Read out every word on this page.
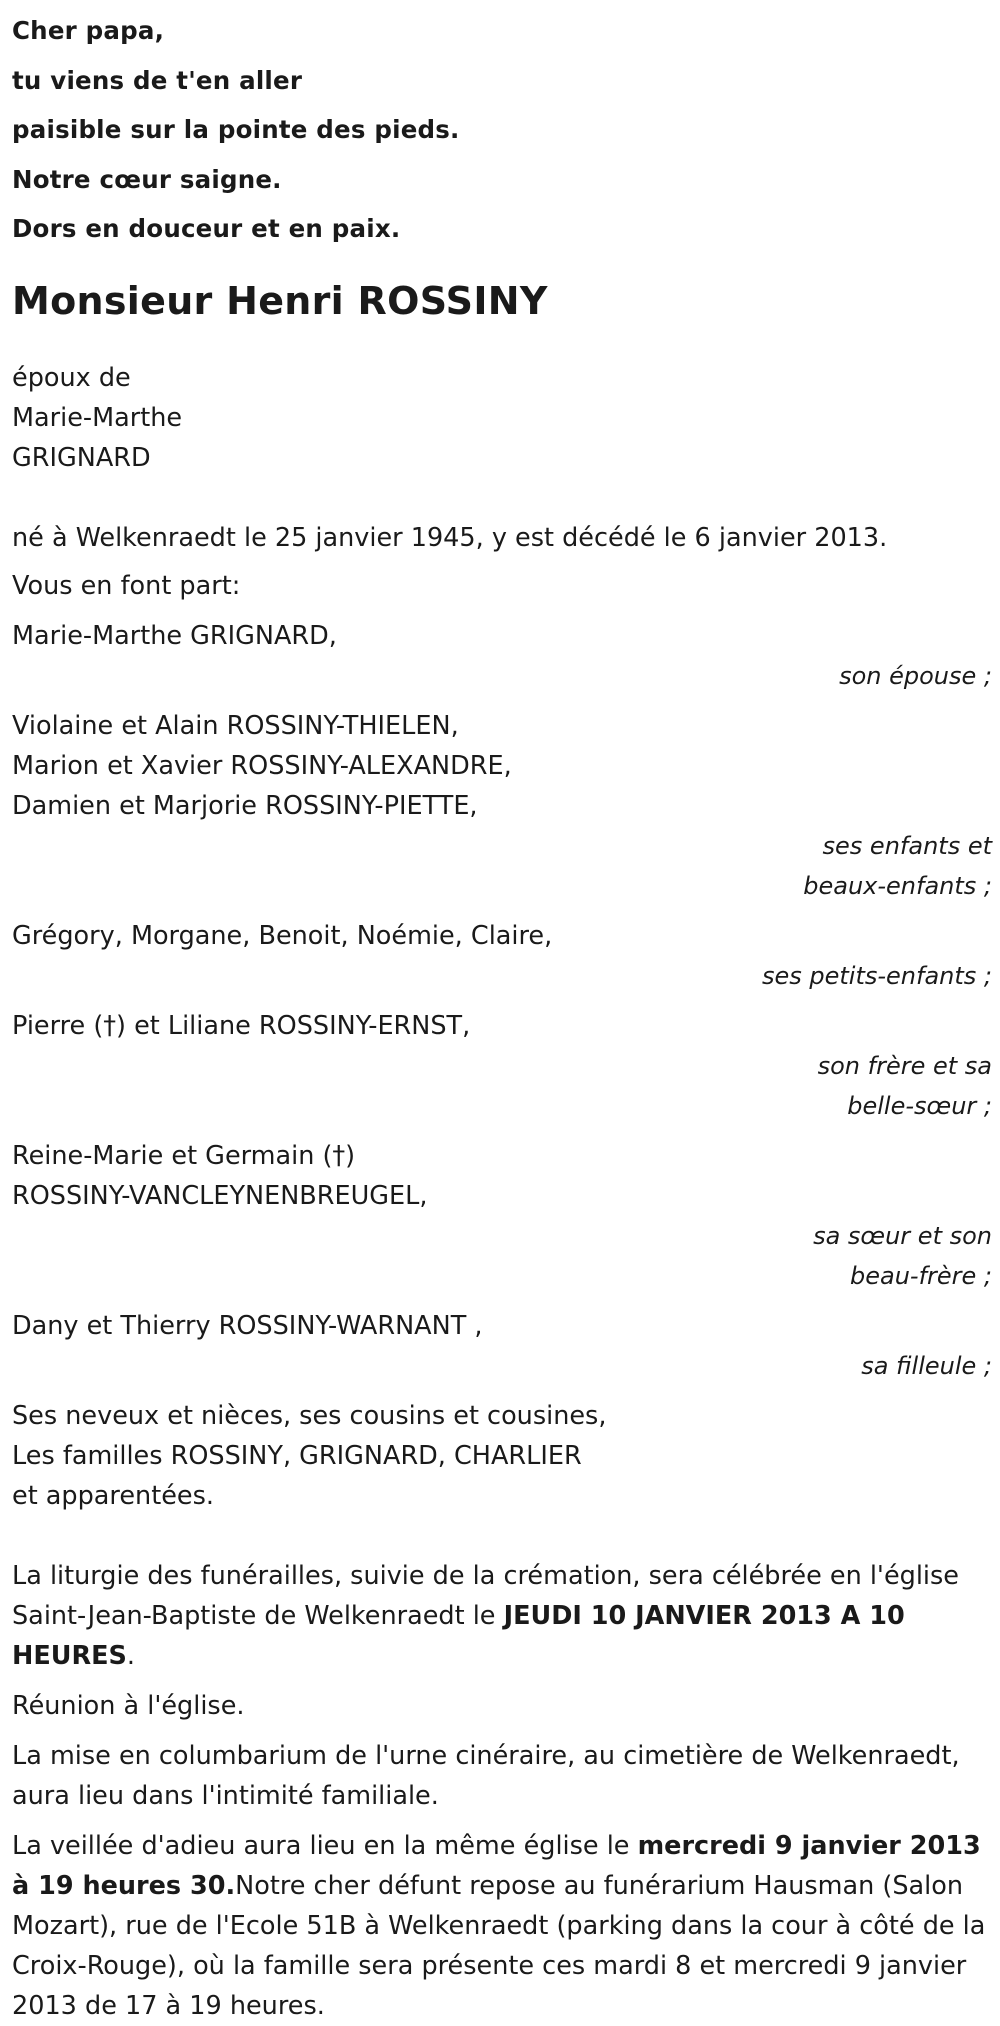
Cher papa,

tu viens de t'en aller

paisible sur la pointe des pieds.

Notre cœur saigne.

Dors en douceur et en paix.

Monsieur Henri ROSSINY

époux de

Marie-Marthe

GRIGNARD

né à Welkenraedt le 25 janvier 1945, y est décédé le 6 janvier 2013.

Vous en font part:

Marie-Marthe GRIGNARD,

son épouse ;

Violaine et Alain ROSSINY-THIELEN,

Marion et Xavier ROSSINY-ALEXANDRE,

Damien et Marjorie ROSSINY-PIETTE,

ses enfants et

beaux-enfants ;

Grégory, Morgane, Benoit, Noémie, Claire,

ses petits-enfants ;

Pierre (†) et Liliane ROSSINY-ERNST,

son frère et sa

belle-sœur ;

Reine-Marie et Germain (†)

ROSSINY-VANCLEYNENBREUGEL,

sa sœur et son

beau-frère ;

Dany et Thierry ROSSINY-WARNANT ,

sa filleule ;

Ses neveux et nièces, ses cousins et cousines,

Les familles ROSSINY, GRIGNARD, CHARLIER

et apparentées.

La liturgie des funérailles, suivie de la crémation, sera célébrée en l'église Saint-Jean-Baptiste de Welkenraedt le JEUDI 10 JANVIER 2013 A 10 HEURES.

Réunion à l'église.

La mise en columbarium de l'urne cinéraire, au cimetière de Welkenraedt, aura lieu dans l'intimité familiale.

La veillée d'adieu aura lieu en la même église le mercredi 9 janvier 2013 à 19 heures 30.Notre cher défunt repose au funérarium Hausman (Salon Mozart), rue de l'Ecole 51B à Welkenraedt (parking dans la cour à côté de la Croix-Rouge), où la famille sera présente ces mardi 8 et mercredi 9 janvier 2013 de 17 à 19 heures.
